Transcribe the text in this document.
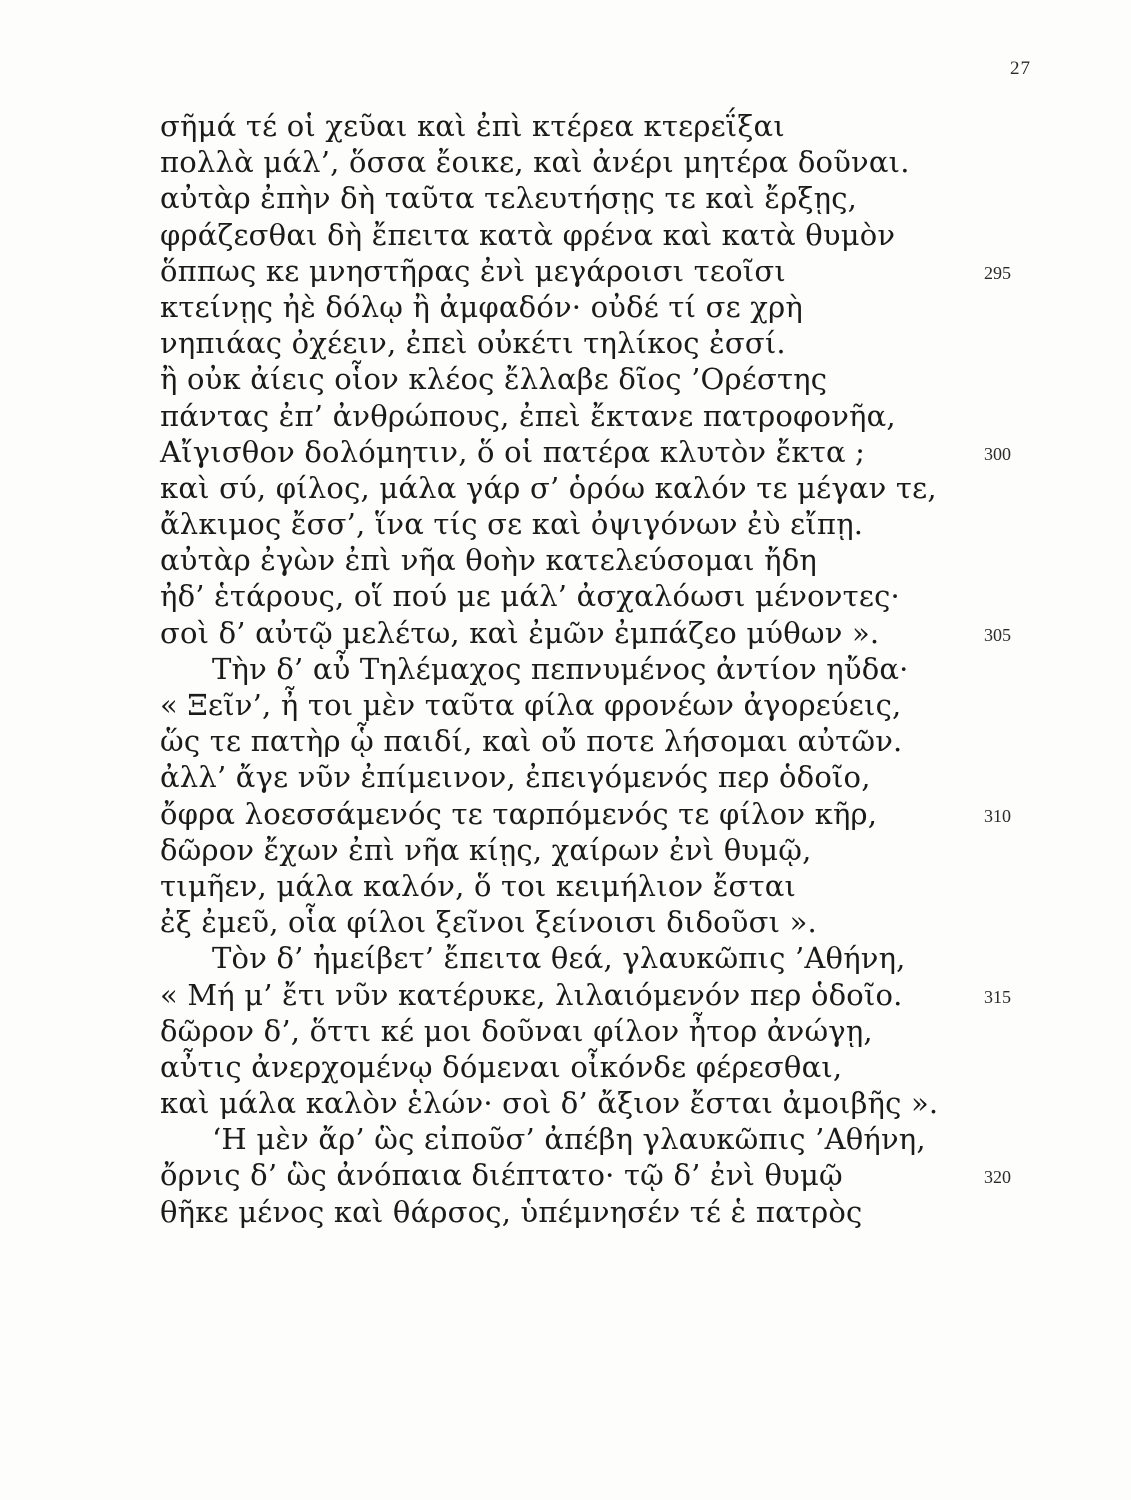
27
σῆμά τέ οἱ χεῦαι καὶ ἐπὶ κτέρεα κτερεΐξαι
πολλὰ μάλ’, ὅσσα ἔοικε, καὶ ἀνέρι μητέρα δοῦναι.
αὐτὰρ ἐπὴν δὴ ταῦτα τελευτήσῃς τε καὶ ἔρξῃς,
φράζεσθαι δὴ ἔπειτα κατὰ φρένα καὶ κατὰ θυμὸν
ὅππως κε μνηστῆρας ἐνὶ μεγάροισι τεοῖσι	295
κτείνῃς ἠὲ δόλῳ ἢ ἀμφαδόν· οὐδέ τί σε χρὴ
νηπιάας ὀχέειν, ἐπεὶ οὐκέτι τηλίκος ἐσσί.
ἢ οὐκ ἀίεις οἷον κλέος ἔλλαβε δῖος ’Ορέστης
πάντας ἐπ’ ἀνθρώπους, ἐπεὶ ἔκτανε πατροφονῆα,
Αἴγισθον δολόμητιν, ὅ οἱ πατέρα κλυτὸν ἔκτα ;	300
καὶ σύ, φίλος, μάλα γάρ σ’ ὁρόω καλόν τε μέγαν τε,
ἄλκιμος ἔσσ’, ἵνα τίς σε καὶ ὀψιγόνων ἐὺ εἴπῃ.
αὐτὰρ ἐγὼν ἐπὶ νῆα θοὴν κατελεύσομαι ἤδη
ἠδ’ ἑτάρους, οἵ πού με μάλ’ ἀσχαλόωσι μένοντες·
σοὶ δ’ αὐτῷ μελέτω, καὶ ἐμῶν ἐμπάζεο μύθων ».	305
Τὴν δ’ αὖ Τηλέμαχος πεπνυμένος ἀντίον ηὔδα·
« Ξεῖν’, ἦ τοι μὲν ταῦτα φίλα φρονέων ἀγορεύεις,
ὥς τε πατὴρ ᾧ παιδί, καὶ οὔ ποτε λήσομαι αὐτῶν.
ἀλλ’ ἄγε νῦν ἐπίμεινον, ἐπειγόμενός περ ὁδοῖο,
ὄφρα λοεσσάμενός τε ταρπόμενός τε φίλον κῆρ,	310
δῶρον ἔχων ἐπὶ νῆα κίῃς, χαίρων ἐνὶ θυμῷ,
τιμῆεν, μάλα καλόν, ὅ τοι κειμήλιον ἔσται
ἐξ ἐμεῦ, οἷα φίλοι ξεῖνοι ξείνοισι διδοῦσι ».
Τὸν δ’ ἠμείβετ’ ἔπειτα θεά, γλαυκῶπις ’Αθήνη,
« Μή μ’ ἔτι νῦν κατέρυκε, λιλαιόμενόν περ ὁδοῖο.	315
δῶρον δ’, ὅττι κέ μοι δοῦναι φίλον ἦτορ ἀνώγῃ,
αὖτις ἀνερχομένῳ δόμεναι οἶκόνδε φέρεσθαι,
καὶ μάλα καλὸν ἑλών· σοὶ δ’ ἄξιον ἔσται ἀμοιβῆς ».
‘Η μὲν ἄρ’ ὣς εἰποῦσ’ ἀπέβη γλαυκῶπις ’Αθήνη,
ὄρνις δ’ ὣς ἀνόπαια διέπτατο· τῷ δ’ ἐνὶ θυμῷ	320
θῆκε μένος καὶ θάρσος, ὑπέμνησέν τέ ἑ πατρὸς
